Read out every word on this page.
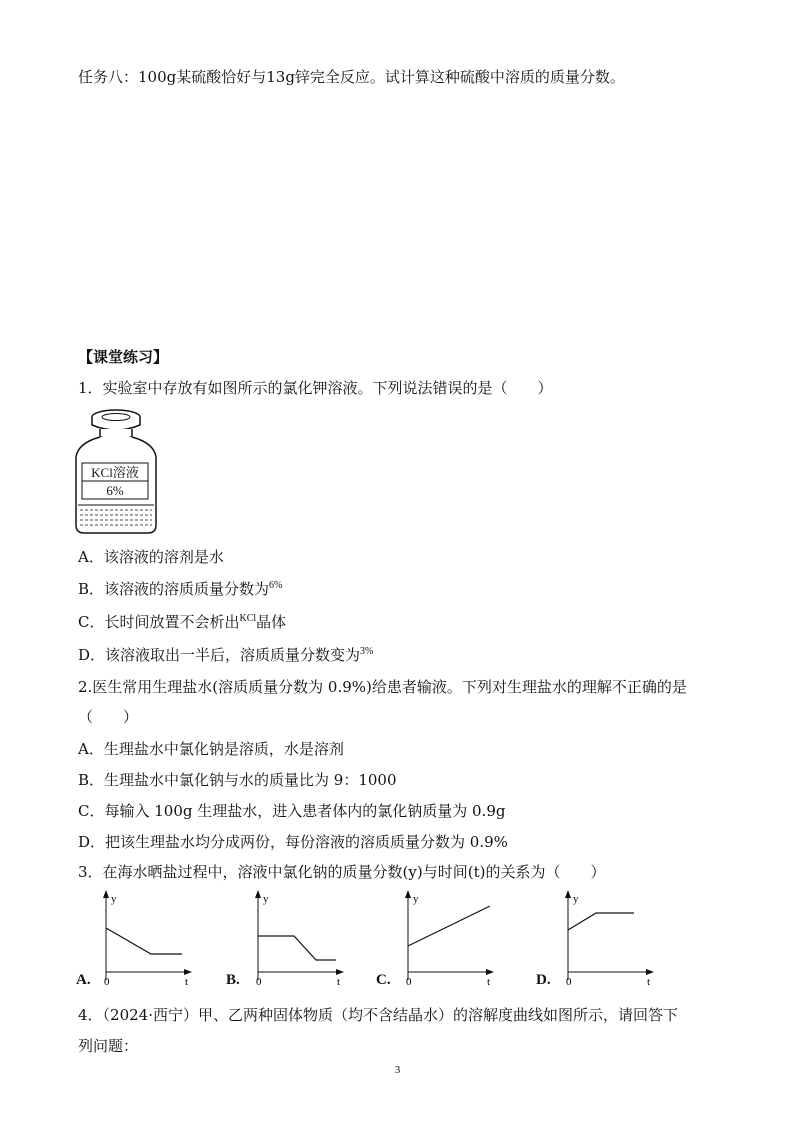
任务八：100g某硫酸恰好与13g锌完全反应。试计算这种硫酸中溶质的质量分数。
【课堂练习】
1．实验室中存放有如图所示的氯化钾溶液。下列说法错误的是（　　）
KCl溶液
6%
A．该溶液的溶剂是水
B．该溶液的溶质质量分数为$^{6\%}$
C．长时间放置不会析出$^{KCl}$晶体
D．该溶液取出一半后，溶质质量分数变为$^{3\%}$
2.医生常用生理盐水(溶质质量分数为 0.9%)给患者输液。下列对生理盐水的理解不正确的是
（　　）
A．生理盐水中氯化钠是溶质，水是溶剂
B．生理盐水中氯化钠与水的质量比为 9：1000
C．每输入 100g 生理盐水，进入患者体内的氯化钠质量为 0.9g
D．把该生理盐水均分成两份，每份溶液的溶质质量分数为 0.9%
3．在海水晒盐过程中，溶液中氯化钠的质量分数(y)与时间(t)的关系为（　　）
A.
y
t
0	B.
y
t
0	C.
y
t
0	D.
y
t
0
4．（2024·西宁）甲、乙两种固体物质（均不含结晶水）的溶解度曲线如图所示，请回答下
列问题：
3
